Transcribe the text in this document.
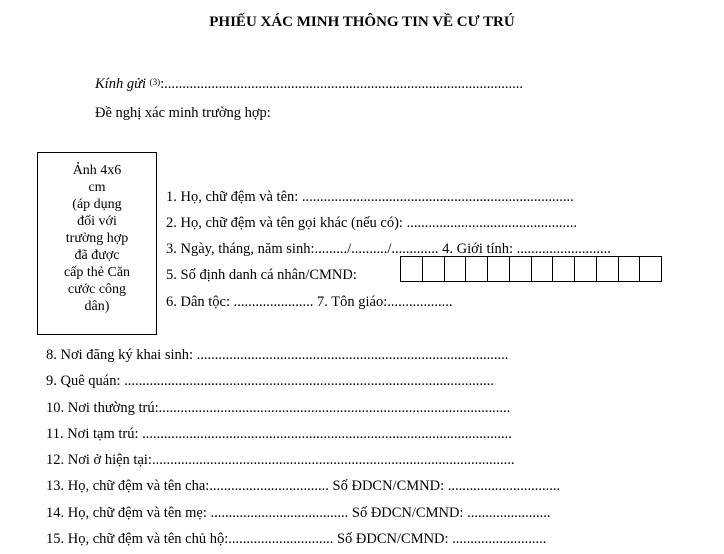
PHIẾU XÁC MINH THÔNG TIN VỀ CƯ TRÚ
Kính gửi $^{(3)}$:...................................................................................................
Đề nghị xác minh trường hợp:
Ảnh 4x6
cm
(áp dụng
đối với
trường hợp
đã được
cấp thẻ Căn
cước công
dân)
1. Họ, chữ đệm và tên: ...........................................................................
2. Họ, chữ đệm và tên gọi khác (nếu có): ...............................................
3. Ngày, tháng, năm sinh:........./........../............. 4. Giới tính: ..........................
5. Số định danh cá nhân/CMND:
6. Dân tộc: ...................... 7. Tôn giáo:..................
8. Nơi đăng ký khai sinh: ......................................................................................
9. Quê quán: ......................................................................................................
10. Nơi thường trú:.................................................................................................
11. Nơi tạm trú: ......................................................................................................
12. Nơi ở hiện tại:....................................................................................................
13. Họ, chữ đệm và tên cha:................................. Số ĐDCN/CMND: ...............................
14. Họ, chữ đệm và tên mẹ: ...................................... Số ĐDCN/CMND: .......................
15. Họ, chữ đệm và tên chủ hộ:............................. Số ĐDCN/CMND: ..........................
